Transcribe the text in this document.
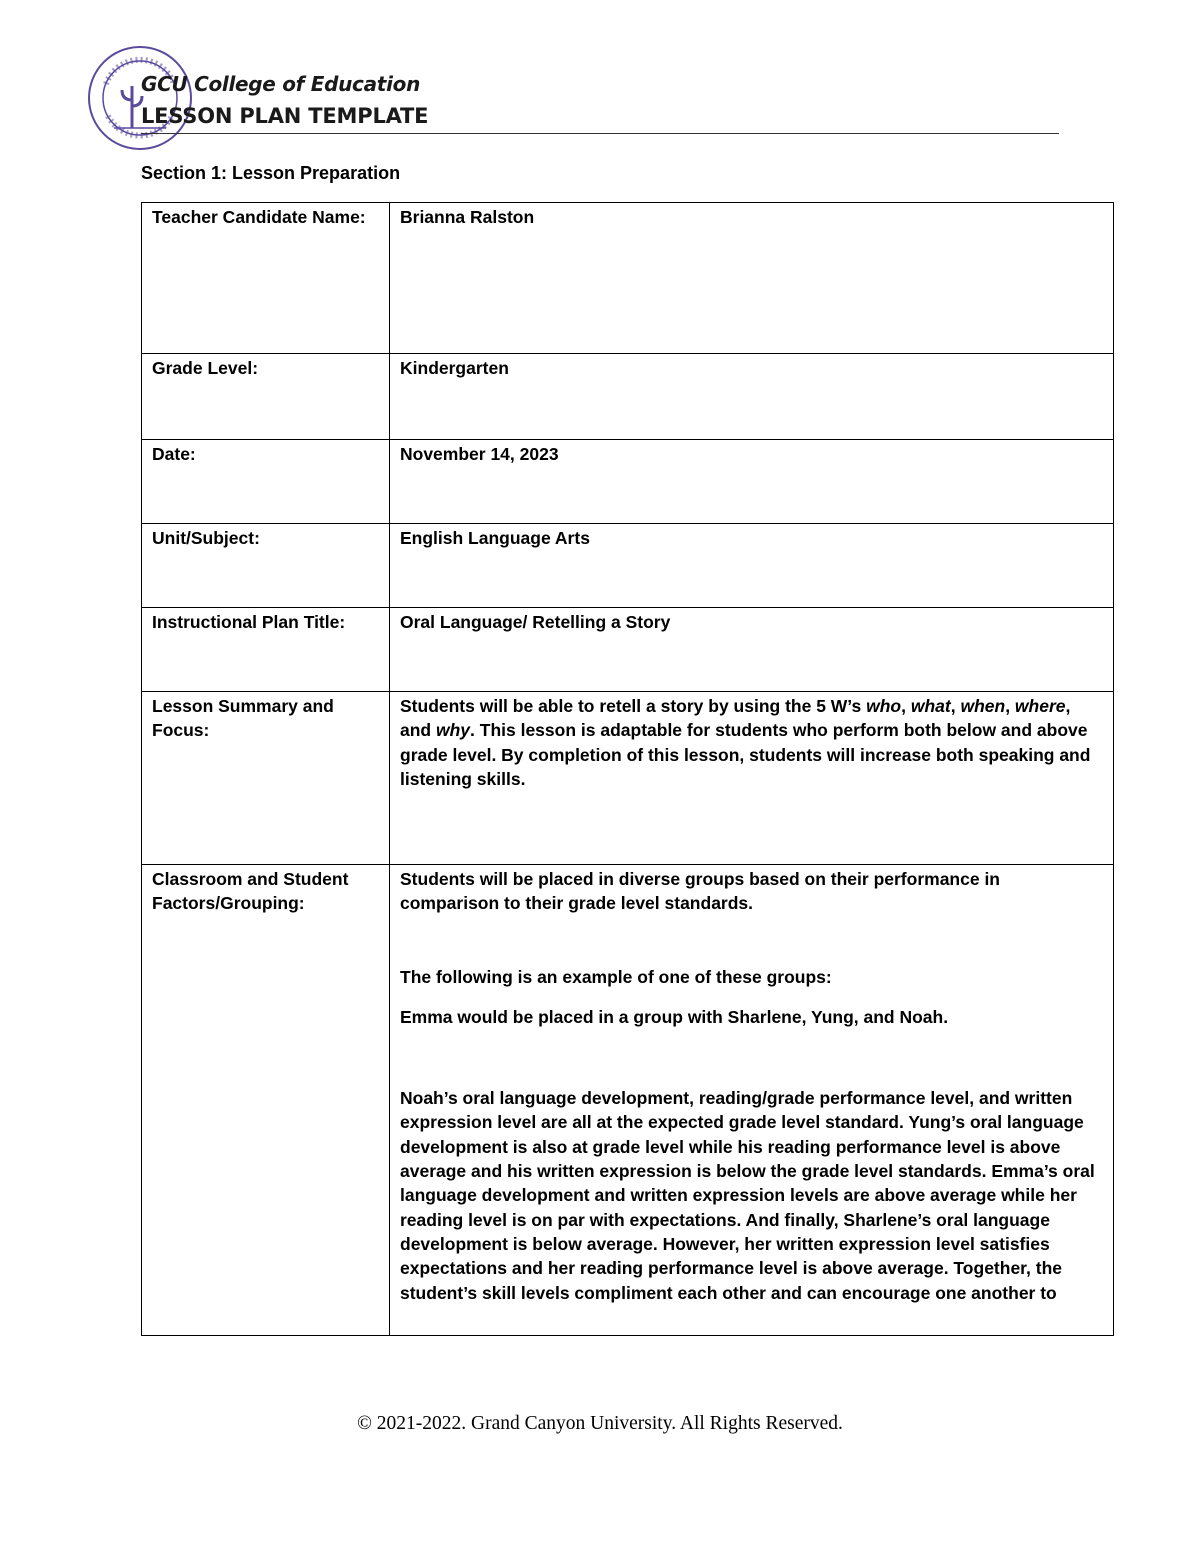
GCU College of Education
LESSON PLAN TEMPLATE
Section 1: Lesson Preparation
Teacher Candidate Name:	Brianna Ralston

Grade Level:	Kindergarten

Date:	November 14, 2023

Unit/Subject:	English Language Arts

Instructional Plan Title:	Oral Language/ Retelling a Story

Lesson Summary and Focus:	Students will be able to retell a story by using the 5 W’s who, what, when, where, and why. This lesson is adaptable for students who perform both below and above grade level. By completion of this lesson, students will increase both speaking and listening skills.

Classroom and Student Factors/Grouping:	Students will be placed in diverse groups based on their performance in comparison to their grade level standards.

The following is an example of one of these groups:

Emma would be placed in a group with Sharlene, Yung, and Noah.

Noah’s oral language development, reading/grade performance level, and written expression level are all at the expected grade level standard. Yung’s oral language development is also at grade level while his reading performance level is above average and his written expression is below the grade level standards. Emma’s oral language development and written expression levels are above average while her reading level is on par with expectations. And finally, Sharlene’s oral language development is below average. However, her written expression level satisfies expectations and her reading performance level is above average. Together, the student’s skill levels compliment each other and can encourage one another to

© 2021-2022. Grand Canyon University. All Rights Reserved.
